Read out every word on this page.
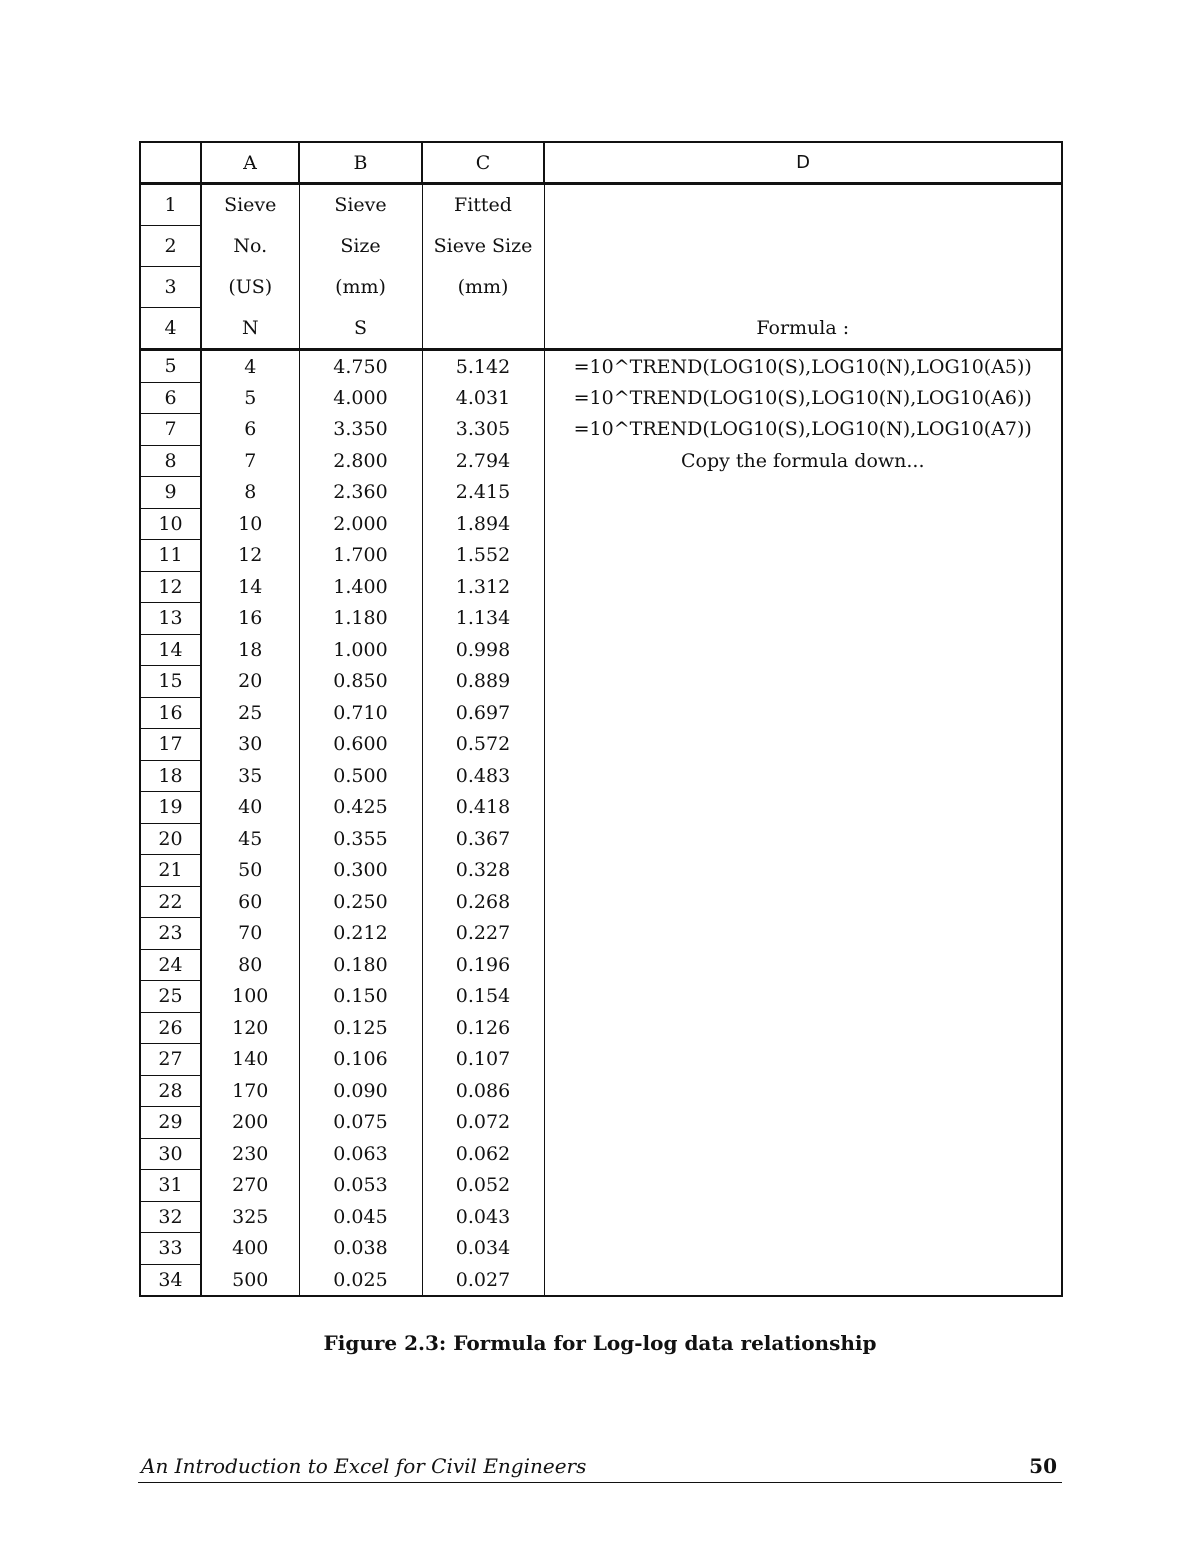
	A	B	C	D
1	Sieve	Sieve	Fitted	
2	No.	Size	Sieve Size	
3	(US)	(mm)	(mm)	
4	N	S		Formula :
5	4	4.750	5.142	=10^TREND(LOG10(S),LOG10(N),LOG10(A5))
6	5	4.000	4.031	=10^TREND(LOG10(S),LOG10(N),LOG10(A6))
7	6	3.350	3.305	=10^TREND(LOG10(S),LOG10(N),LOG10(A7))
8	7	2.800	2.794	Copy the formula down...
9	8	2.360	2.415	
10	10	2.000	1.894	
11	12	1.700	1.552	
12	14	1.400	1.312	
13	16	1.180	1.134	
14	18	1.000	0.998	
15	20	0.850	0.889	
16	25	0.710	0.697	
17	30	0.600	0.572	
18	35	0.500	0.483	
19	40	0.425	0.418	
20	45	0.355	0.367	
21	50	0.300	0.328	
22	60	0.250	0.268	
23	70	0.212	0.227	
24	80	0.180	0.196	
25	100	0.150	0.154	
26	120	0.125	0.126	
27	140	0.106	0.107	
28	170	0.090	0.086	
29	200	0.075	0.072	
30	230	0.063	0.062	
31	270	0.053	0.052	
32	325	0.045	0.043	
33	400	0.038	0.034	
34	500	0.025	0.027	
Figure 2.3: Formula for Log-log data relationship
An Introduction to Excel for Civil Engineers	50
